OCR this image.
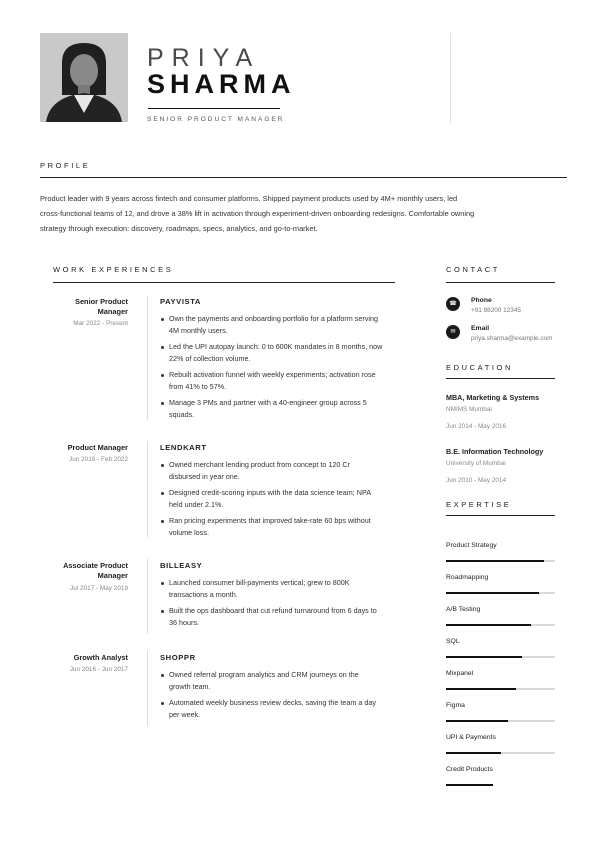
PRIYA
SHARMA
SENIOR PRODUCT MANAGER
PROFILE
Product leader with 9 years across fintech and consumer platforms. Shipped payment products used by 4M+ monthly users, led
cross-functional teams of 12, and drove a 38% lift in activation through experiment-driven onboarding redesigns. Comfortable owning
strategy through execution: discovery, roadmaps, specs, analytics, and go-to-market.
WORK EXPERIENCES
Senior Product
Manager
Mar 2022 - Present
PAYVISTA
Own the payments and onboarding portfolio for a platform serving
4M monthly users.
Led the UPI autopay launch: 0 to 600K mandates in 8 months, now
22% of collection volume.
Rebuilt activation funnel with weekly experiments; activation rose
from 41% to 57%.
Manage 3 PMs and partner with a 40-engineer group across 5
squads.
Product Manager
Jun 2019 - Feb 2022
LENDKART
Owned merchant lending product from concept to 120 Cr
disbursed in year one.
Designed credit-scoring inputs with the data science team; NPA
held under 2.1%.
Ran pricing experiments that improved take-rate 60 bps without
volume loss.
Associate Product
Manager
Jul 2017 - May 2019
BILLEASY
Launched consumer bill-payments vertical; grew to 800K
transactions a month.
Built the ops dashboard that cut refund turnaround from 6 days to
36 hours.
Growth Analyst
Jun 2016 - Jun 2017
SHOPPR
Owned referral program analytics and CRM journeys on the
growth team.
Automated weekly business review decks, saving the team a day
per week.
CONTACT
☎	Phone
+91 98200 12345
✉	Email
priya.sharma@example.com
EDUCATION
MBA, Marketing & Systems
NMIMS Mumbai
Jun 2014 - May 2016
B.E. Information Technology
University of Mumbai
Jun 2010 - May 2014
EXPERTISE
Product Strategy
Roadmapping
A/B Testing
SQL
Mixpanel
Figma
UPI & Payments
Credit Products
